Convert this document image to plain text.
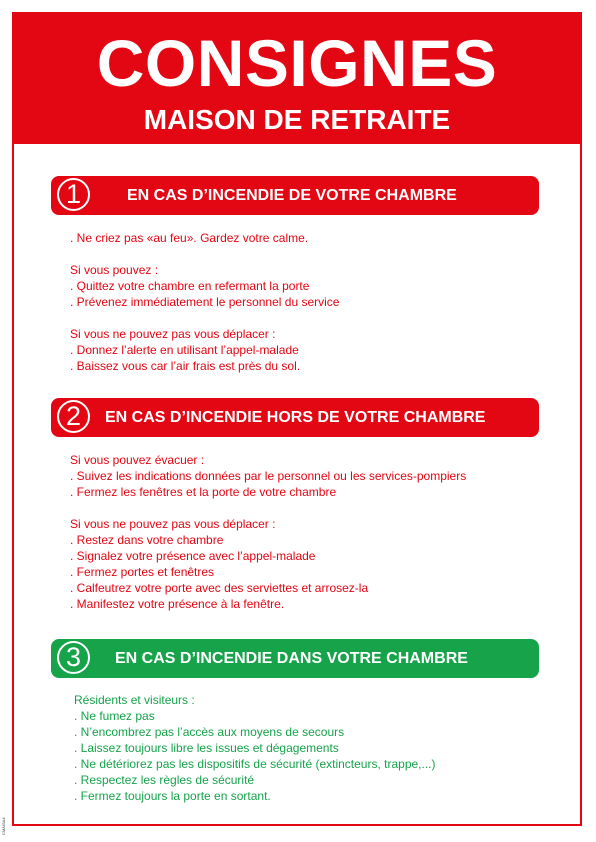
CONSIGNES
MAISON DE RETRAITE
1	EN CAS D’INCENDIE DE VOTRE CHAMBRE
. Ne criez pas «au feu». Gardez votre calme.
Si vous pouvez :
. Quittez votre chambre en refermant la porte
. Prévenez immédiatement le personnel du service
Si vous ne pouvez pas vous déplacer :
. Donnez l’alerte en utilisant l’appel-malade
. Baissez vous car l’air frais est près du sol.
2	EN CAS D’INCENDIE HORS DE VOTRE CHAMBRE
Si vous pouvez évacuer :
. Suivez les indications données par le personnel ou les services-pompiers
. Fermez les fenêtres et la porte de votre chambre
Si vous ne pouvez pas vous déplacer :
. Restez dans votre chambre
. Signalez votre présence avec l’appel-malade
. Fermez portes et fenêtres
. Calfeutrez votre porte avec des serviettes et arrosez-la
. Manifestez votre présence à la fenêtre.
3	EN CAS D’INCENDIE DANS VOTRE CHAMBRE
Résidents et visiteurs :
. Ne fumez pas
. N’encombrez pas l’accès aux moyens de secours
. Laissez toujours libre les issues et dégagements
. Ne détériorez pas les dispositifs de sécurité (extincteurs, trappe,...)
. Respectez les règles de sécurité
. Fermez toujours la porte en sortant.
CMAISA4
